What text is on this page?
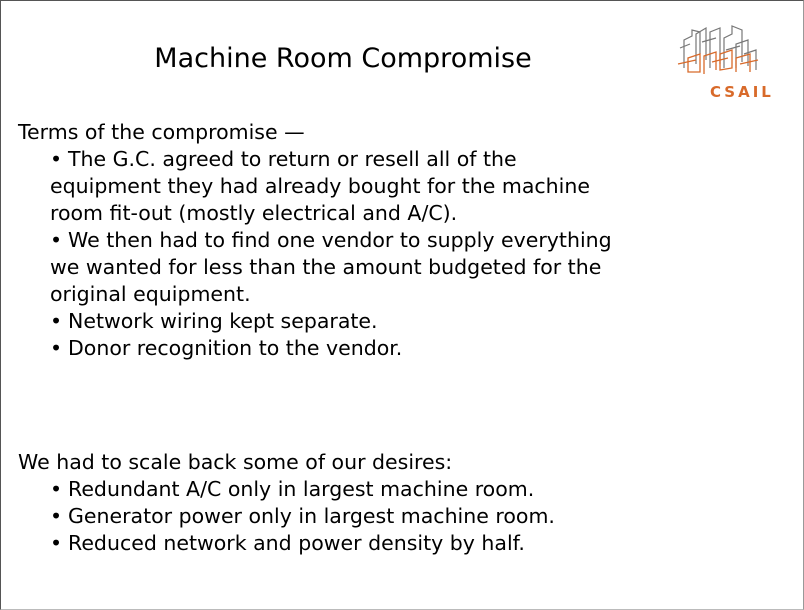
Machine Room Compromise
CSAIL
Terms of the compromise —
• The G.C. agreed to return or resell all of the
equipment they had already bought for the machine
room fit-out (mostly electrical and A/C).
• We then had to find one vendor to supply everything
we wanted for less than the amount budgeted for the
original equipment.
• Network wiring kept separate.
• Donor recognition to the vendor.
We had to scale back some of our desires:
• Redundant A/C only in largest machine room.
• Generator power only in largest machine room.
• Reduced network and power density by half.
